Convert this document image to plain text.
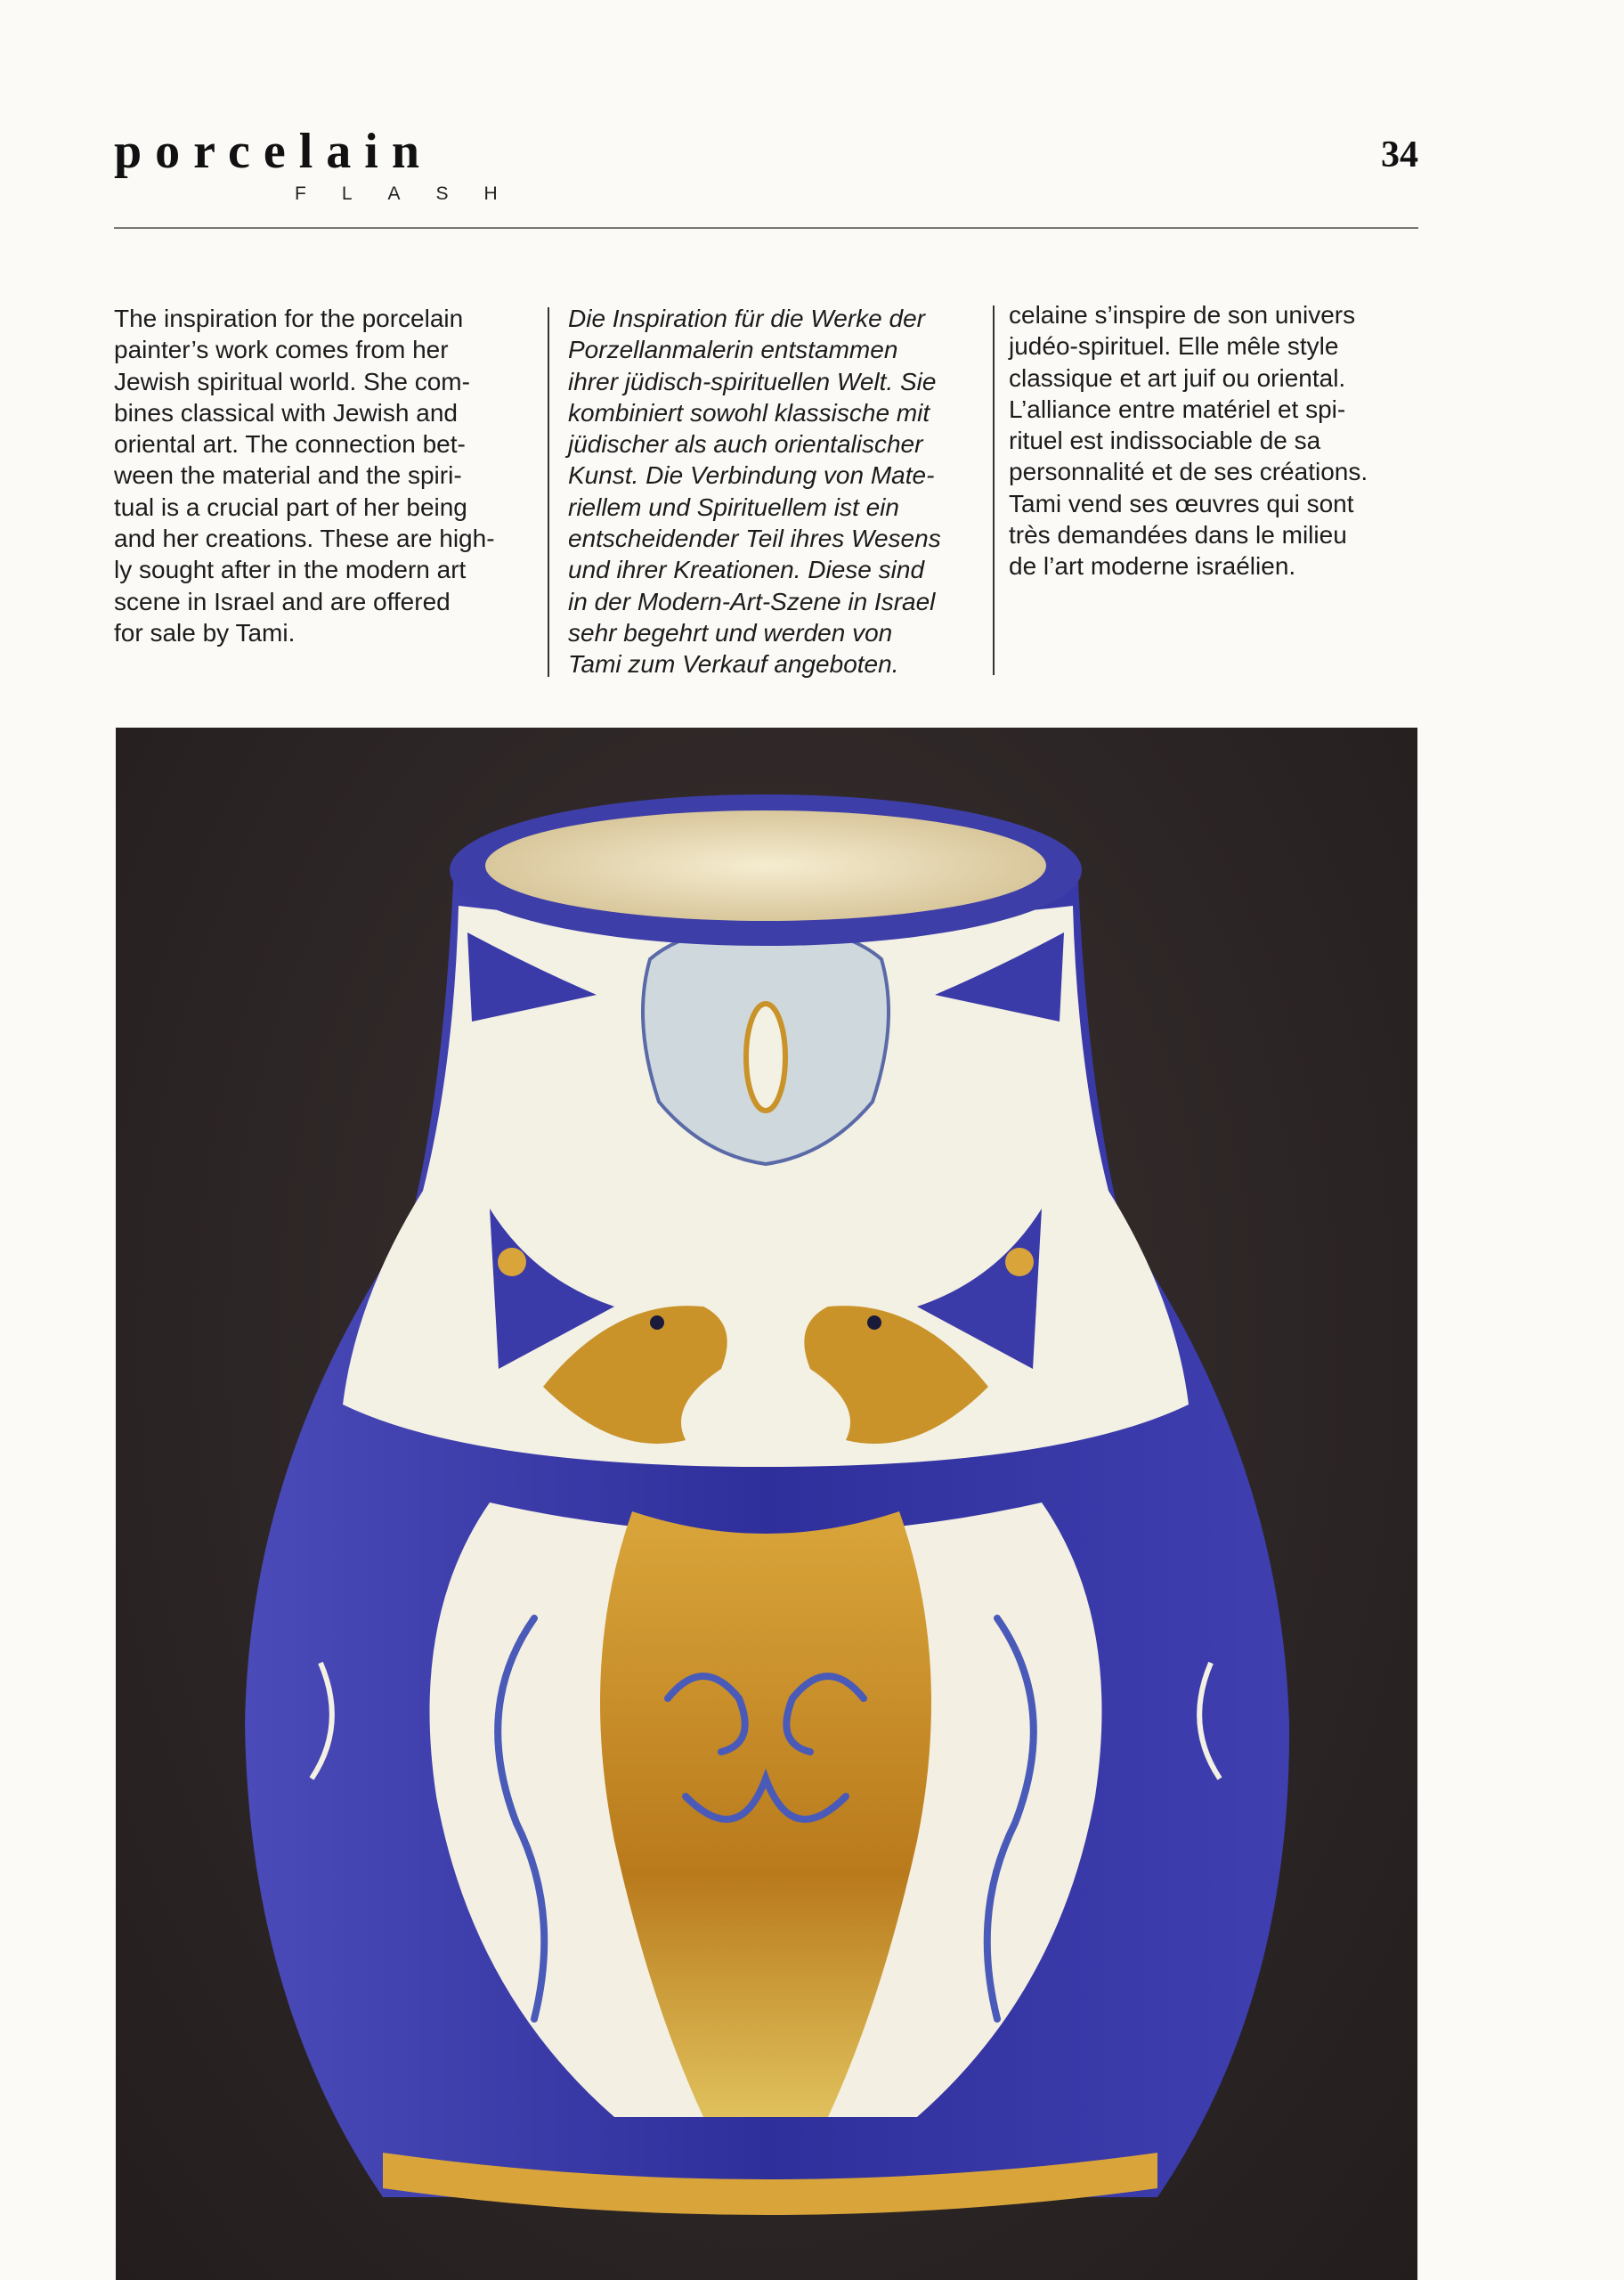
porcelain
FLASH
34
The inspiration for the porcelain
painter’s work comes from her
Jewish spiritual world. She com-
bines classical with Jewish and
oriental art. The connection bet-
ween the material and the spiri-
tual is a crucial part of her being
and her creations. These are high-
ly sought after in the modern art
scene in Israel and are offered
for sale by Tami.
Die Inspiration für die Werke der
Porzellanmalerin entstammen
ihrer jüdisch-spirituellen Welt. Sie
kombiniert sowohl klassische mit
jüdischer als auch orientalischer
Kunst. Die Verbindung von Mate-
riellem und Spirituellem ist ein
entscheidender Teil ihres Wesens
und ihrer Kreationen. Diese sind
in der Modern-Art-Szene in Israel
sehr begehrt und werden von
Tami zum Verkauf angeboten.
celaine s’inspire de son univers
judéo-spirituel. Elle mêle style
classique et art juif ou oriental.
L’alliance entre matériel et spi-
rituel est indissociable de sa
personnalité et de ses créations.
Tami vend ses œuvres qui sont
très demandées dans le milieu
de l’art moderne israélien.
